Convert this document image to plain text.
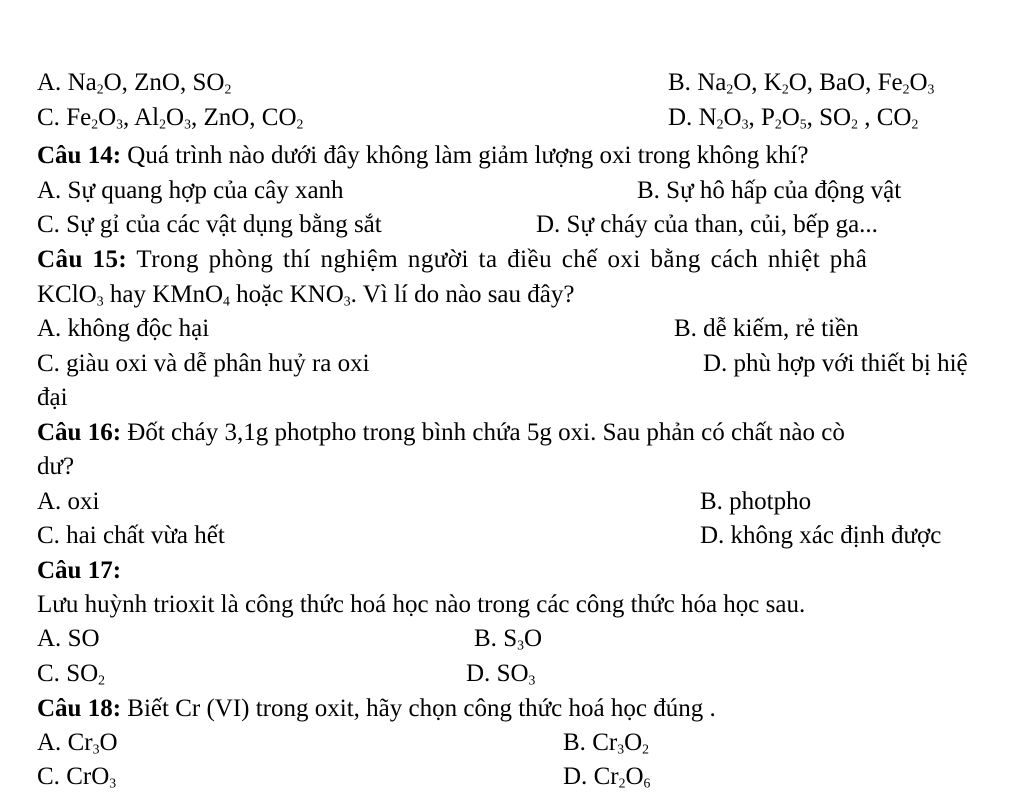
A. $Na_2O$, ZnO, $SO_2$	B. $Na_2O$, $K_2O$, BaO, $Fe_2O_3$
C. $Fe_2O_3$, $Al_2O_3$, ZnO, $CO_2$	D. $N_2O_3$, $P_2O_5$, $SO_2$ , $CO_2$
Câu 14: Quá trình nào dưới đây không làm giảm lượng oxi trong không khí?
A. Sự quang hợp của cây xanh	B. Sự hô hấp của động vật
C. Sự gỉ của các vật dụng bằng sắt	D. Sự cháy của than, củi, bếp ga...
Câu 15: Trong phòng thí nghiệm người ta điều chế oxi bằng cách nhiệt phâ
KClO$_3$ hay KMnO$_4$ hoặc $KNO_3$. Vì lí do nào sau đây?
A. không độc hại	B. dễ kiếm, rẻ tiền
C. giàu oxi và dễ phân huỷ ra oxi	D. phù hợp với thiết bị hiệ
đại
Câu 16: Đốt cháy 3,1g photpho trong bình chứa 5g oxi. Sau phản có chất nào cò
dư?
A. oxi	B. photpho
C. hai chất vừa hết	D. không xác định được
Câu 17:
Lưu huỳnh trioxit là công thức hoá học nào trong các công thức hóa học sau.
A. SO	B. $S_3O$
C. $SO_2$	D. $SO_3$
Câu 18: Biết Cr (VI) trong oxit, hãy chọn công thức hoá học đúng .
A. $Cr_3O$	B. $Cr_3O_2$
C. CrO$_3$	D. $Cr_2O_6$
